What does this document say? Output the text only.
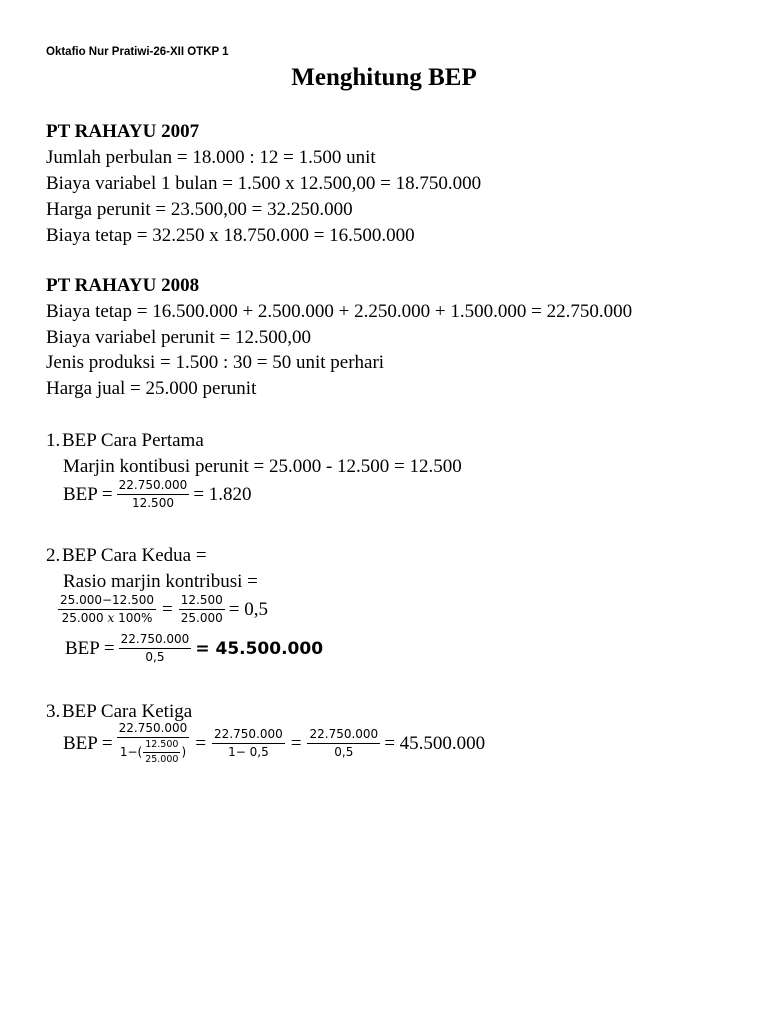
Oktafio Nur Pratiwi-26-XII OTKP 1
Menghitung BEP
PT RAHAYU 2007
Jumlah perbulan = 18.000 : 12 = 1.500 unit
Biaya variabel 1 bulan = 1.500 x 12.500,00 = 18.750.000
Harga perunit = 23.500,00 = 32.250.000
Biaya tetap = 32.250 x 18.750.000 = 16.500.000
PT RAHAYU 2008
Biaya tetap = 16.500.000 + 2.500.000 + 2.250.000 + 1.500.000 = 22.750.000
Biaya variabel perunit = 12.500,00
Jenis produksi = 1.500 : 30 = 50 unit perhari
Harga jual = 25.000 perunit
1.BEP Cara Pertama
Marjin kontibusi perunit = 25.000 - 12.500 = 12.500
BEP = $\frac{22.750.000}{12.500} = 1.820$
2.BEP Cara Kedua =
Rasio marjin kontribusi =
$\frac{25.000-12.500}{25.000 x 100\%} = \frac{12.500}{25.000} = 0,5$
BEP = $\frac{22.750.000}{0,5} = 45.500.000$
3.BEP Cara Ketiga
BEP = $\frac{22.750.000}{1-( \frac{12.500}{25.000} )} = \frac{22.750.000}{1- 0,5} = \frac{22.750.000}{0,5} = 45.500.000$
